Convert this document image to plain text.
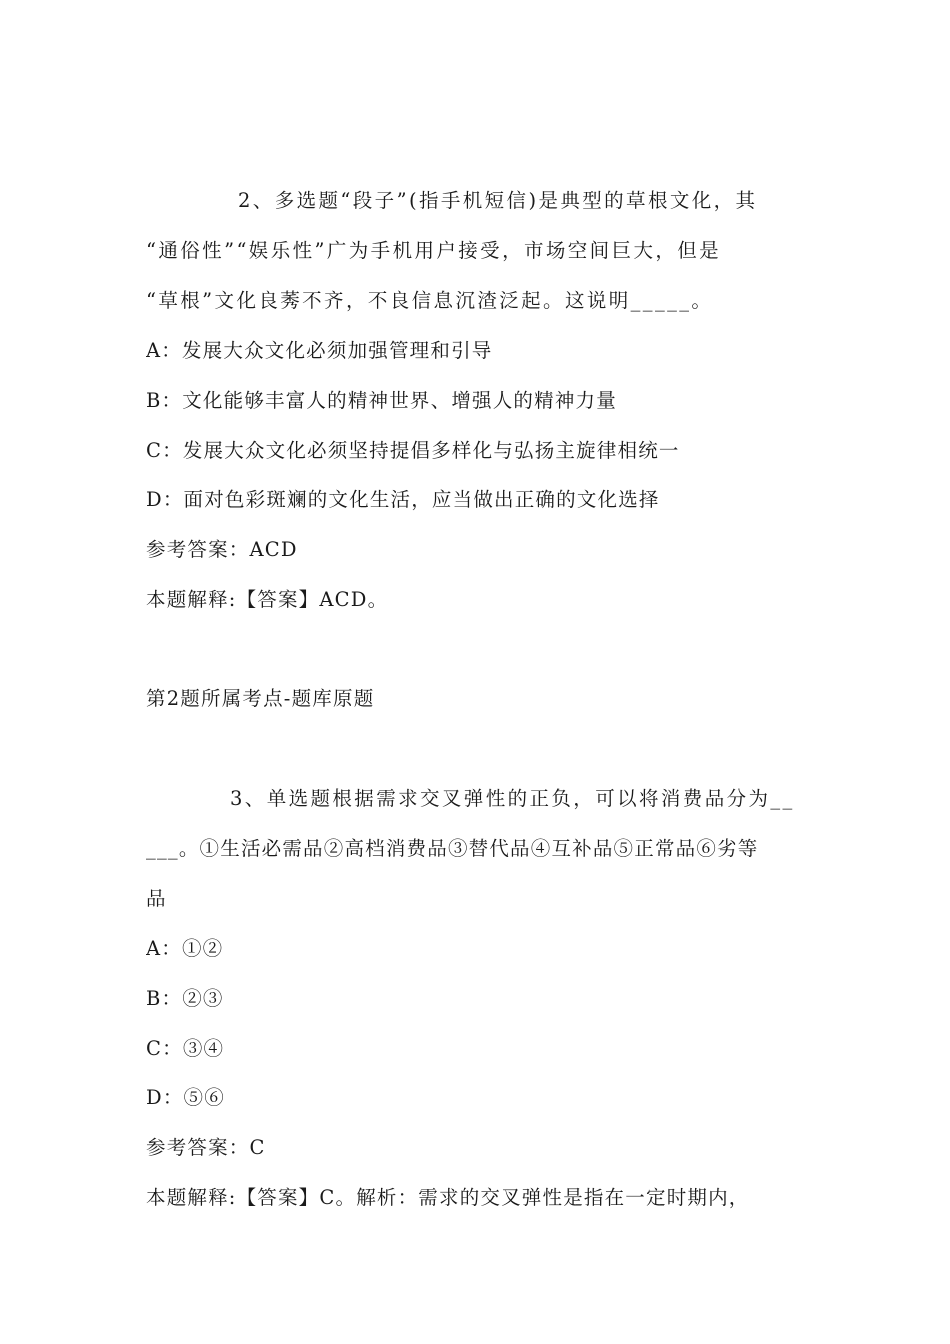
2、多选题“段子”(指手机短信)是典型的草根文化，其
“通俗性”“娱乐性”广为手机用户接受，市场空间巨大，但是
“草根”文化良莠不齐，不良信息沉渣泛起。这说明_____。
A：发展大众文化必须加强管理和引导
B：文化能够丰富人的精神世界、增强人的精神力量
C：发展大众文化必须坚持提倡多样化与弘扬主旋律相统一
D：面对色彩斑斓的文化生活，应当做出正确的文化选择
参考答案：ACD
本题解释:【答案】ACD。
第2题所属考点-题库原题
3、单选题根据需求交叉弹性的正负，可以将消费品分为__
___。①生活必需品②高档消费品③替代品④互补品⑤正常品⑥劣等
品
A：①②
B：②③
C：③④
D：⑤⑥
参考答案：C
本题解释:【答案】C。解析：需求的交叉弹性是指在一定时期内，
